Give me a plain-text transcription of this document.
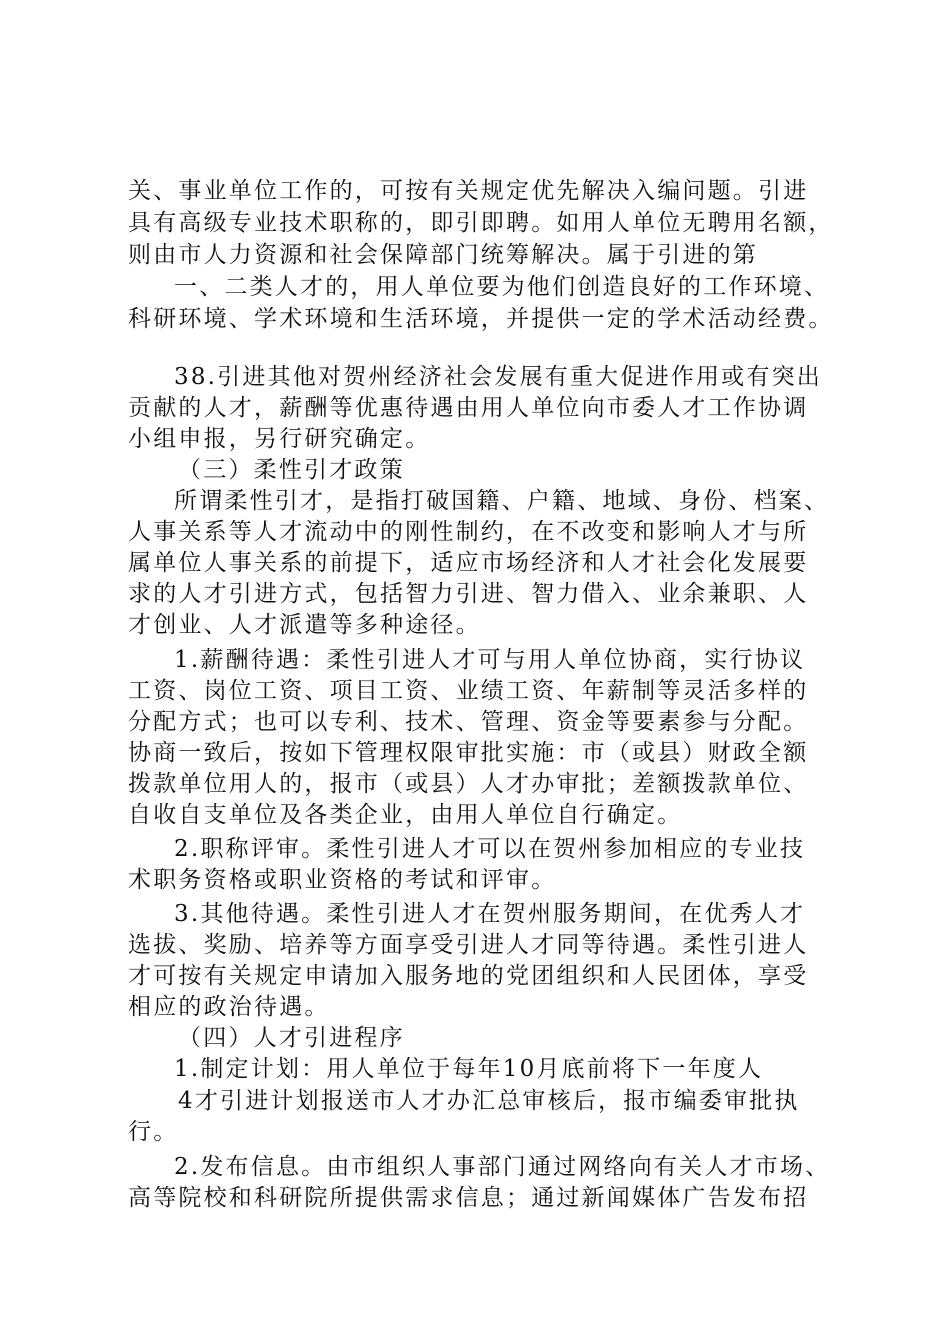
关、事业单位工作的，可按有关规定优先解决入编问题。引进
具有高级专业技术职称的，即引即聘。如用人单位无聘用名额，
则由市人力资源和社会保障部门统筹解决。属于引进的第
一、二类人才的，用人单位要为他们创造良好的工作环境、
科研环境、学术环境和生活环境，并提供一定的学术活动经费。
38.引进其他对贺州经济社会发展有重大促进作用或有突出
贡献的人才，薪酬等优惠待遇由用人单位向市委人才工作协调
小组申报，另行研究确定。
（三）柔性引才政策
所谓柔性引才，是指打破国籍、户籍、地域、身份、档案、
人事关系等人才流动中的刚性制约，在不改变和影响人才与所
属单位人事关系的前提下，适应市场经济和人才社会化发展要
求的人才引进方式，包括智力引进、智力借入、业余兼职、人
才创业、人才派遣等多种途径。
1.薪酬待遇：柔性引进人才可与用人单位协商，实行协议
工资、岗位工资、项目工资、业绩工资、年薪制等灵活多样的
分配方式；也可以专利、技术、管理、资金等要素参与分配。
协商一致后，按如下管理权限审批实施：市（或县）财政全额
拨款单位用人的，报市（或县）人才办审批；差额拨款单位、
自收自支单位及各类企业，由用人单位自行确定。
2.职称评审。柔性引进人才可以在贺州参加相应的专业技
术职务资格或职业资格的考试和评审。
3.其他待遇。柔性引进人才在贺州服务期间，在优秀人才
选拔、奖励、培养等方面享受引进人才同等待遇。柔性引进人
才可按有关规定申请加入服务地的党团组织和人民团体，享受
相应的政治待遇。
（四）人才引进程序
1.制定计划：用人单位于每年10月底前将下一年度人
4才引进计划报送市人才办汇总审核后，报市编委审批执
行。
2.发布信息。由市组织人事部门通过网络向有关人才市场、
高等院校和科研院所提供需求信息；通过新闻媒体广告发布招
